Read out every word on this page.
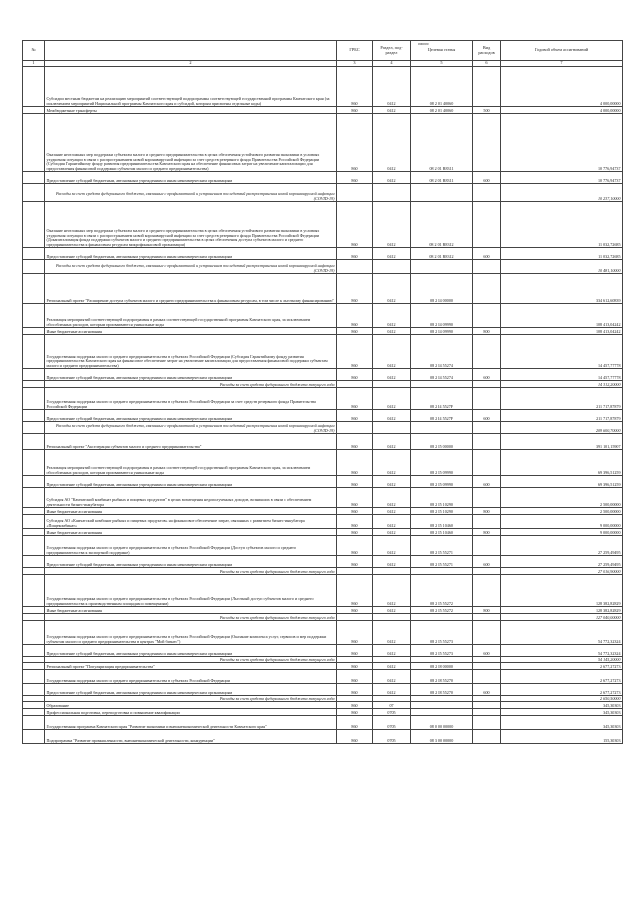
000000
№		ГРБС	Раздел, под-раздел	Целевая статья	Вид расходов	Годовой объем ассигнований
1	2	3	4	5	6	7
	Субсидии местным бюджетам на реализацию мероприятий соответствующей подпрограммы соответствующей государственной программы Камчатского края (за исключением мероприятий Национальной программы Камчатского края и субсидий, которым присвоены отдельные коды)	860	0412	08 2 01 40060		4 000,00000
	Межбюджетные трансферты	860	0412	08 2 01 40060	500	4 000,00000
	Оказание неотложных мер поддержки субъектам малого и среднего предпринимательства в целях обеспечения устойчивого развития экономики в условиях ухудшения ситуации в связи с распространением новой коронавирусной инфекции за счет средств резервного фонда Правительства Российской Федерации (Субсидия Гарантийному фонду развития предпринимательства Камчатского края на обеспечение финансовых затрат на увеличение капитализации для предоставления финансовой поддержки субъектам малого и среднего предпринимательства)	860	0412	08 2 01 R8311		10 776,94737
	Предоставление субсидий бюджетным, автономным учреждениям и иным некоммерческим организациям	860	0412	08 2 01 R8311	600	10 776,94737
	Расходы за счет средств федерального бюджета, связанные с профилактикой и устранением последствий распространения новой коронавирусной инфекции (COVID-19)					10 237,10000
	Оказание неотложных мер поддержки субъектам малого и среднего предпринимательства в целях обеспечения устойчивого развития экономики в условиях ухудшения ситуации в связи с распространением новой коронавирусной инфекции за счет средств резервного фонда Правительства Российской Федерации (Докапитализация фонда поддержки субъектов малого и среднего предпринимательства в целях обеспечения доступа субъектов малого и среднего предпринимательства к финансовым ресурсам микрофинансовой организации)	860	0412	08 2 01 R8312		11 032,72685
	Предоставление субсидий бюджетным, автономным учреждениям и иным некоммерческим организациям	860	0412	08 2 01 R8312	600	11 032,72685
	Расходы за счет средств федерального бюджета, связанные с профилактикой и устранением последствий распространения новой коронавирусной инфекции (COVID-19)					10 481,10000
	Региональный проект "Расширение доступа субъектов малого и среднего предпринимательства к финансовым ресурсам, в том числе к льготному финансированию"	860	0412	08 2 I4 00000		334 612,60839
	Реализация мероприятий соответствующей подпрограммы в рамках соответствующей государственной программы Камчатского края, за исключением обособленных расходов, которым присваиваются уникальные коды	860	0412	08 2 I4 09990		108 413,04242
	Иные бюджетные ассигнования	860	0412	08 2 I4 09990	800	108 413,04242
	Государственная поддержка малого и среднего предпринимательства в субъектах Российской Федерации (Субсидия Гарантийному фонду развития предпринимательства Камчатского края на финансовое обеспечение затрат на увеличение капитализации для предоставления финансовой поддержки субъектам малого и среднего предпринимательства)	860	0412	08 2 I4 55274		14 457,77778
	Предоставление субсидий бюджетным, автономным учреждениям и иным некоммерческим организациям	860	0412	08 2 I4 55274	600	14 457,77778
	Расходы за счет средств федерального бюджета текущего года					14 312,20000
	Государственная поддержка малого и среднего предпринимательства в субъектах Российской Федерации за счет средств резервного фонда Правительства Российской Федерации	860	0412	08 2 I4 5527F		211 717,87879
	Предоставление субсидий бюджетным, автономным учреждениям и иным некоммерческим организациям	860	0412	08 2 I4 5527F	600	211 717,87879
	Расходы за счет средств федерального бюджета, связанные с профилактикой и устранением последствий распространения новой коронавирусной инфекции (COVID-19)					209 600,70000
	Региональный проект "Акселерация субъектов малого и среднего предпринимательства"	860	0412	08 2 I5 00000		391 101,15907
	Реализация мероприятий соответствующей подпрограммы в рамках соответствующей государственной программы Камчатского края, за исключением обособленных расходов, которым присваиваются уникальные коды	860	0412	08 2 I5 09990		69 396,51259
	Предоставление субсидий бюджетным, автономным учреждениям и иным некоммерческим организациям	860	0412	08 2 I5 09990	600	69 396,51259
	Субсидия АО "Камчатский комбинат рыбных и пищевых продуктов" в целях возмещения недополученных доходов, возникших в связи с обеспечением деятельности бизнес-инкубатора	860	0412	08 2 I5 10290		2 500,00000
	Иные бюджетные ассигнования	860	0412	08 2 I5 10290	800	2 500,00000
	Субсидия АО «Камчатский комбинат рыбных и пищевых продуктов» на финансовое обеспечение затрат, связанных с развитием бизнес-инкубатора «Пищекомбинат»	860	0412	08 2 I5 10460		9 000,00000
	Иные бюджетные ассигнования	860	0412	08 2 I5 10460	800	9 000,00000
	Государственная поддержка малого и среднего предпринимательства в субъектах Российской Федерации (Доступ субъектов малого и среднего предпринимательства к экспортной поддержке)	860	0412	08 2 I5 55271		27 259,49495
	Предоставление субсидий бюджетным, автономным учреждениям и иным некоммерческим организациям	860	0412	08 2 I5 55271	600	27 259,49495
	Расходы за счет средств федерального бюджета текущего года					27 016,90000
	Государственная поддержка малого и среднего предпринимательства в субъектах Российской Федерации (Льготный доступ субъектов малого и среднего предпринимательства к производственным площадям и помещениям)	860	0412	08 2 I5 55272		128 382,82829
	Иные бюджетные ассигнования	860	0412	08 2 I5 55272	800	128 382,82829
	Расходы за счет средств федерального бюджета текущего года					127 040,00000
	Государственная поддержка малого и среднего предпринимательства в субъектах Российской Федерации (Оказание комплекса услуг, сервисов и мер поддержки субъектам малого и среднего предпринимательства в центрах "Мой бизнес")	860	0412	08 2 I5 55273		54 772,32324
	Предоставление субсидий бюджетным, автономным учреждениям и иным некоммерческим организациям	860	0412	08 2 I5 55273	600	54 772,32324
	Расходы за счет средств федерального бюджета текущего года					54 145,20000
	Региональный проект "Популяризация предпринимательства"	860	0412	08 2 I8 00000		2 677,27273
	Государственная поддержка малого и среднего предпринимательства в субъектах Российской Федерации	860	0412	08 2 I8 55270		2 677,27273
	Предоставление субсидий бюджетным, автономным учреждениям и иным некоммерческим организациям	860	0412	08 2 I8 55270	600	2 677,27273
	Расходы за счет средств федерального бюджета текущего года					2 650,50000
	Образование	860	07			345,30303
	Профессиональная подготовка, переподготовка и повышение квалификации	860	0705			345,30303
	Государственная программа Камчатского края "Развитие экономики и внешнеэкономической деятельности Камчатского края"	860	0705	08 0 00 00000		345,30303
	Подпрограмма "Развитие промышленности, внешнеэкономической деятельности, конкуренции"	860	0705	08 3 00 00000		155,30303
